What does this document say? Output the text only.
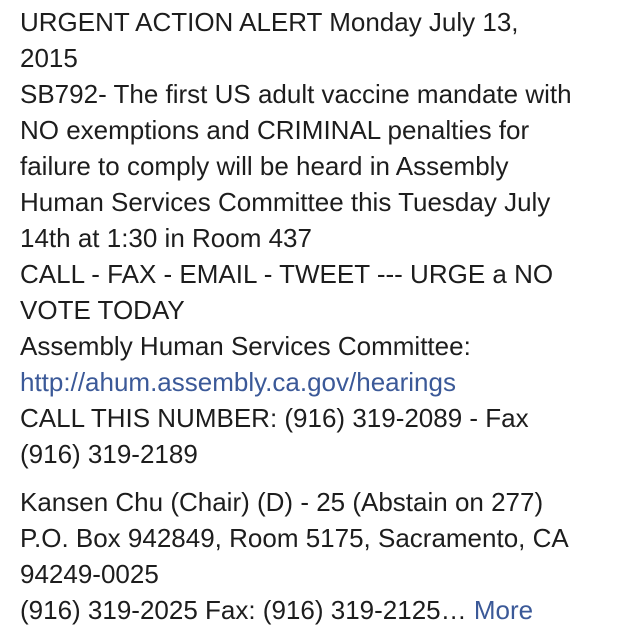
URGENT ACTION ALERT Monday July 13,
2015
SB792- The first US adult vaccine mandate with
NO exemptions and CRIMINAL penalties for
failure to comply will be heard in Assembly
Human Services Committee this Tuesday July
14th at 1:30 in Room 437
CALL - FAX - EMAIL - TWEET --- URGE a NO
VOTE TODAY
Assembly Human Services Committee:
http://ahum.assembly.ca.gov/hearings
CALL THIS NUMBER: (916) 319-2089 - Fax
(916) 319-2189
Kansen Chu (Chair) (D) - 25 (Abstain on 277)
P.O. Box 942849, Room 5175, Sacramento, CA
94249-0025
(916) 319-2025 Fax: (916) 319-2125… More
